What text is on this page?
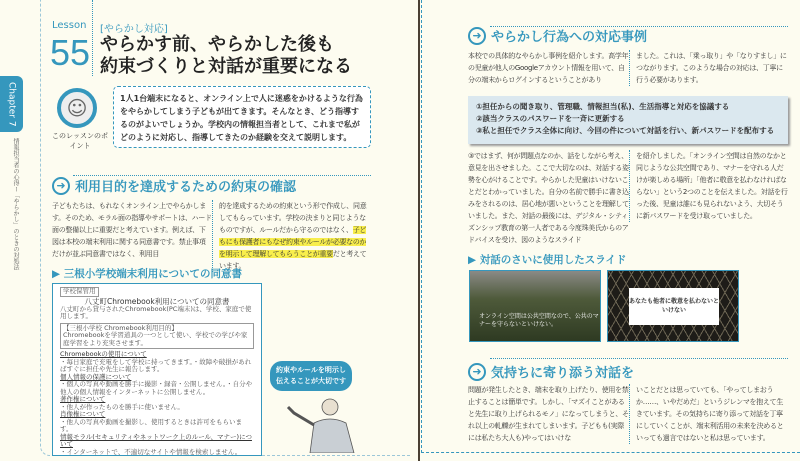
Chapter 7
情報担当者の心得ー「やらかし」のときの対処法
Lesson
55
[やらかし対応]
やらかす前、やらかした後も
約束づくりと対話が重要になる
☺
このレッスンのポイント
1人1台端末になると、オンライン上で人に迷惑をかけるような行為をやらかしてしまう子どもが出てきます。そんなとき、どう指導するのがよいでしょうか。学校内の情報担当者として、これまで私がどのように対応し、指導してきたのか経験を交えて説明します。
➜ 利用目的を達成するための約束の確認
子どもたちは、もれなくオンライン上でやらかします。そのため、モラル面の指導やサポートは、ハード面の整備以上に重要だと考えています。例えば、下図は本校の端末利用に関する同意書です。禁止事項だけが並ぶ同意書ではなく、利用目
的を達成するための約束という形で作成し、同意してもらっています。学校の決まりと同じようなものですが、ルールだから守るのではなく、子どもにも保護者にもなぜ約束やルールが必要なのかを明示して理解してもらうことが重要だと考えています。
▶ 三根小学校端末利用についての同意書
学校保管用
八丈町Chromebook利用についての同意書
八丈町から貸与されたChromebook(PC端末)は、学校、家庭で使用します。
【三根小学校 Chromebook利用目的】
Chromebookを学習道具の一つとして使い、学校での学びや家庭学習をより充実させます。
Chromebookの使用について
・毎日家庭で充電をして学校に持ってきます。・故障や破損があればすぐに担任や先生に報告します。
個人情報の保護について
・個人の写真や動画を勝手に撮影・録音・公開しません。・自分や他人の個人情報をインターネットに公開しません。
著作権について
・他人が作ったものを勝手に使いません。
肖像権について
・他人の写真や動画を撮影し、使用するときは許可をもらいます。
情報モラル(セキュリティやネットワーク上のルール、マナー)について
・インターネットで、不適切なサイトや情報を検索しません。
約束やルールを明示し伝えることが大切です
➜ やらかし行為への対応事例
本校での具体的なやらかし事例を紹介します。高学年の児童が他人のGoogleアカウント情報を用いて、自分の端末からログインするということがあり
ました。これは、「乗っ取り」や「なりすまし」につながります。このような場合の対応は、丁寧に行う必要があります。
①担任からの聞き取り、管理職、情報担当(私)、生活指導と対応を協議する
②該当クラスのパスワードを一斉に更新する
③私と担任でクラス全体に向け、今回の件について対話を行い、新パスワードを配布する
③ではまず、何が問題点なのか、話をしながら考え、意見を出させました。ここで大切なのは、対話する姿勢を心がけることです。やらかした児童はいけないことだとわかっていました。自分の名前で勝手に書き込みをされるのは、居心地が悪いということを理解していました。また、対話の最後には、デジタル・シティズンシップ教育の第一人者である今度珠美氏からのアドバイスを受け、図のようなスライド
を紹介しました。「オンライン空間は自然のなかと同じような公共空間であり、マナーを守れる人だけが楽しめる場所」「他者に敬意を払わなければならない」という2つのことを伝えました。対話を行った後、児童は誰にも見られないよう、大切そうに新パスワードを受け取っていました。
▶ 対話のさいに使用したスライド
オンライン空間は公共空間なので、公共のマナーを守らないといけない。
あなたも他者に敬意を払わないといけない
➜ 気持ちに寄り添う対話を
問題が発生したとき、端末を取り上げたり、使用を禁止することは簡単です。しかし、「マズイことがあると先生に取り上げられるモノ」になってしまうと、それ以上の軋轢が生まれてしまいます。子どもも(実際には私たち大人も)やってはいけな
いことだとは思っていても、「やってしまおうか……、いやだめだ」というジレンマを抱えて生きています。その気持ちに寄り添って対話を丁寧にしていくことが、端末利活用の未来を決めるといっても過言ではないと私は思っています。
